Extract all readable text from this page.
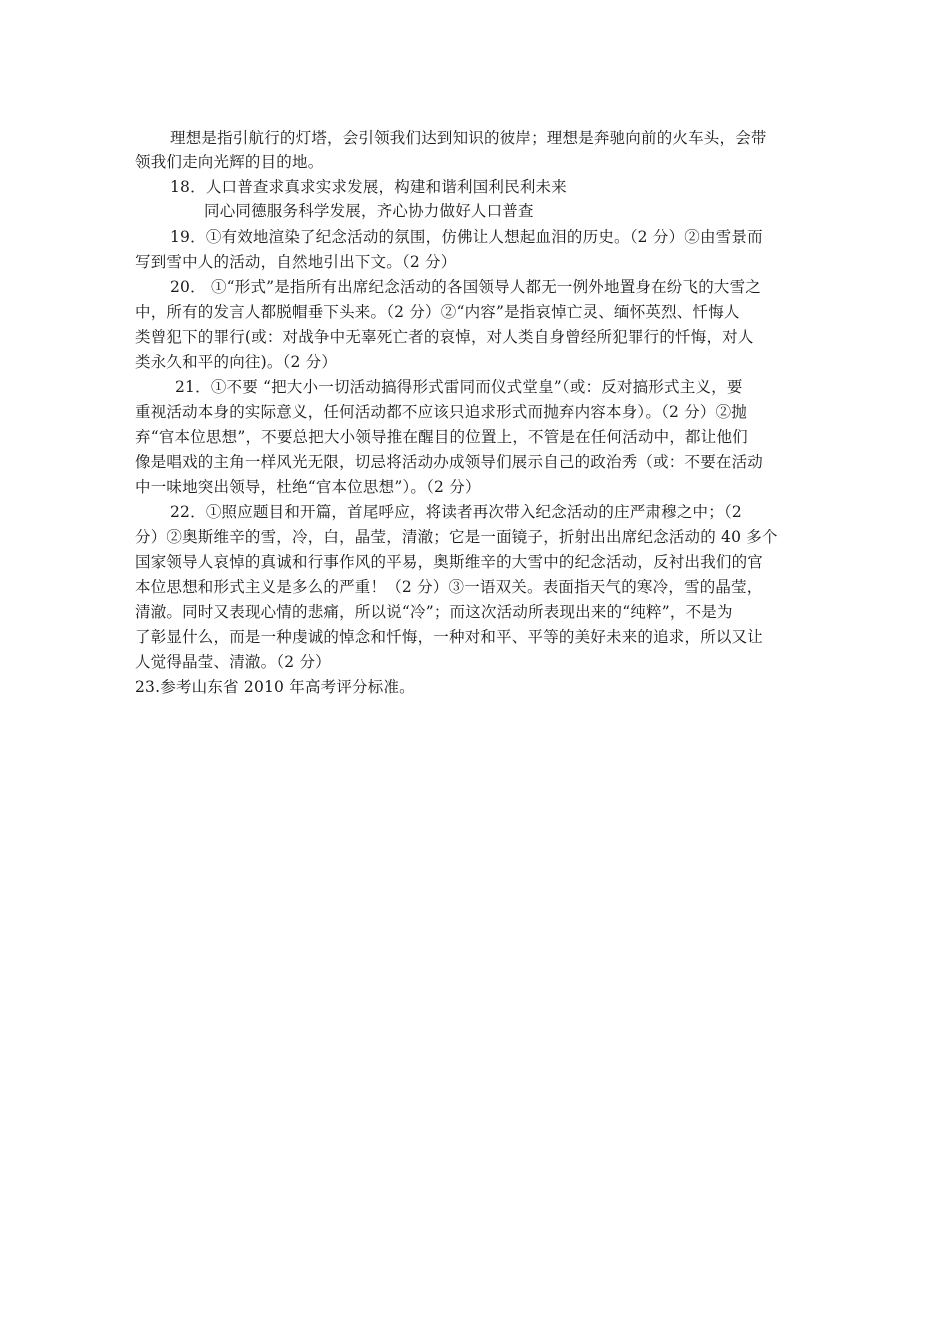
理想是指引航行的灯塔，会引领我们达到知识的彼岸；理想是奔驰向前的火车头，会带
领我们走向光辉的目的地。
18．人口普查求真求实求发展，构建和谐利国利民利未来
同心同德服务科学发展，齐心协力做好人口普查
19．①有效地渲染了纪念活动的氛围，仿佛让人想起血泪的历史。（2 分）②由雪景而
写到雪中人的活动，自然地引出下文。（2 分）
20． ①“形式”是指所有出席纪念活动的各国领导人都无一例外地置身在纷飞的大雪之
中，所有的发言人都脱帽垂下头来。（2 分）②“内容”是指哀悼亡灵、缅怀英烈、忏悔人
类曾犯下的罪行(或：对战争中无辜死亡者的哀悼，对人类自身曾经所犯罪行的忏悔，对人
类永久和平的向往)。（2 分）
21．①不要 “把大小一切活动搞得形式雷同而仪式堂皇”（或：反对搞形式主义，要
重视活动本身的实际意义，任何活动都不应该只追求形式而抛弃内容本身）。（2 分）②抛
弃“官本位思想”，不要总把大小领导推在醒目的位置上，不管是在任何活动中，都让他们
像是唱戏的主角一样风光无限，切忌将活动办成领导们展示自己的政治秀（或：不要在活动
中一味地突出领导，杜绝“官本位思想”）。（2 分）
22．①照应题目和开篇，首尾呼应，将读者再次带入纪念活动的庄严肃穆之中；（2
分）②奥斯维辛的雪，冷，白，晶莹，清澈；它是一面镜子，折射出出席纪念活动的 40 多个
国家领导人哀悼的真诚和行事作风的平易，奥斯维辛的大雪中的纪念活动，反衬出我们的官
本位思想和形式主义是多么的严重！（2 分）③一语双关。表面指天气的寒冷，雪的晶莹，
清澈。同时又表现心情的悲痛，所以说“冷”；而这次活动所表现出来的“纯粹”，不是为
了彰显什么，而是一种虔诚的悼念和忏悔，一种对和平、平等的美好未来的追求，所以又让
人觉得晶莹、清澈。（2 分）
23.参考山东省 2010 年高考评分标准。
